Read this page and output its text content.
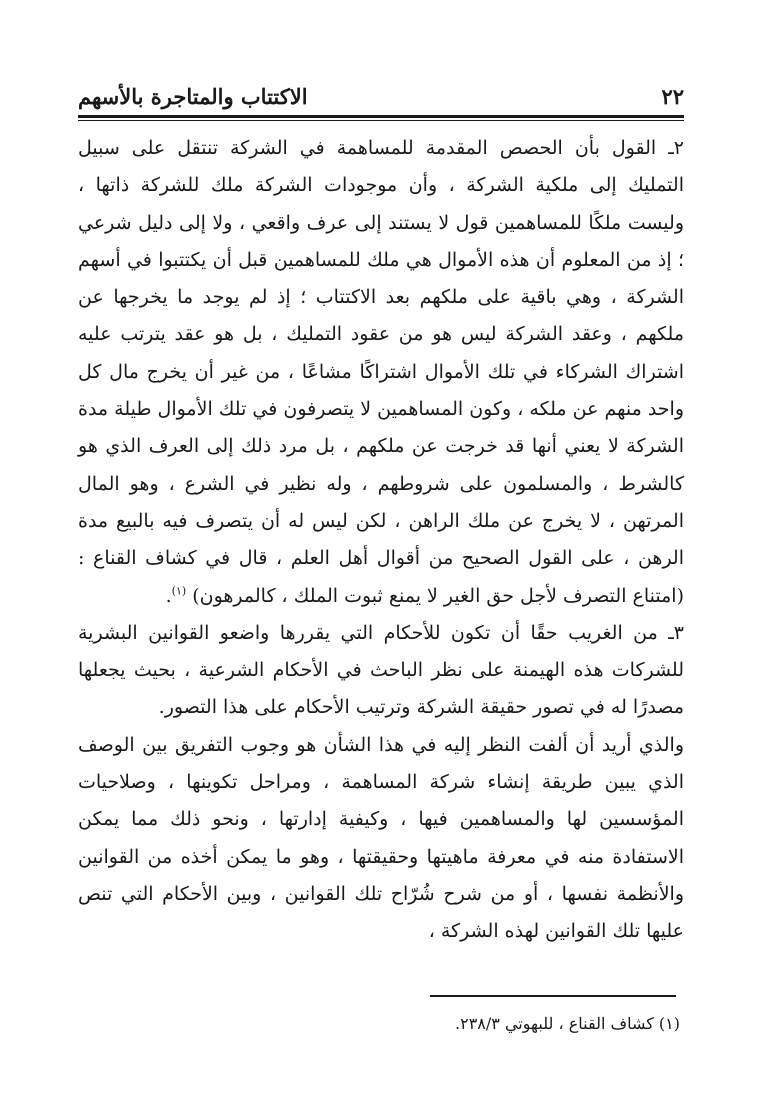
٢٢
الاكتتاب والمتاجرة بالأسهم

٢ـ القول بأن الحصص المقدمة للمساهمة في الشركة تنتقل على سبيل التمليك إلى ملكية الشركة ، وأن موجودات الشركة ملك للشركة ذاتها ، وليست ملكًا للمساهمين قول لا يستند إلى عرف واقعي ، ولا إلى دليل شرعي ؛ إذ من المعلوم أن هذه الأموال هي ملك للمساهمين قبل أن يكتتبوا في أسهم الشركة ، وهي باقية على ملكهم بعد الاكتتاب ؛ إذ لم يوجد ما يخرجها عن ملكهم ، وعقد الشركة ليس هو من عقود التمليك ، بل هو عقد يترتب عليه اشتراك الشركاء في تلك الأموال اشتراكًا مشاعًا ، من غير أن يخرج مال كل واحد منهم عن ملكه ، وكون المساهمين لا يتصرفون في تلك الأموال طيلة مدة الشركة لا يعني أنها قد خرجت عن ملكهم ، بل مرد ذلك إلى العرف الذي هو كالشرط ، والمسلمون على شروطهم ، وله نظير في الشرع ، وهو المال المرتهن ، لا يخرج عن ملك الراهن ، لكن ليس له أن يتصرف فيه بالبيع مدة الرهن ، على القول الصحيح من أقوال أهل العلم ، قال في كشاف القناع : (امتناع التصرف لأجل حق الغير لا يمنع ثبوت الملك ، كالمرهون) $^{(١)}$.

٣ـ من الغريب حقًا أن تكون للأحكام التي يقررها واضعو القوانين البشرية للشركات هذه الهيمنة على نظر الباحث في الأحكام الشرعية ، بحيث يجعلها مصدرًا له في تصور حقيقة الشركة وترتيب الأحكام على هذا التصور.

والذي أريد أن ألفت النظر إليه في هذا الشأن هو وجوب التفريق بين الوصف الذي يبين طريقة إنشاء شركة المساهمة ، ومراحل تكوينها ، وصلاحيات المؤسسين لها والمساهمين فيها ، وكيفية إدارتها ، ونحو ذلك مما يمكن الاستفادة منه في معرفة ماهيتها وحقيقتها ، وهو ما يمكن أخذه من القوانين والأنظمة نفسها ، أو من شرح شُرّاح تلك القوانين ، وبين الأحكام التي تنص عليها تلك القوانين لهذه الشركة ،

(١) كشاف القناع ، للبهوتي ٢٣٨/٣.
